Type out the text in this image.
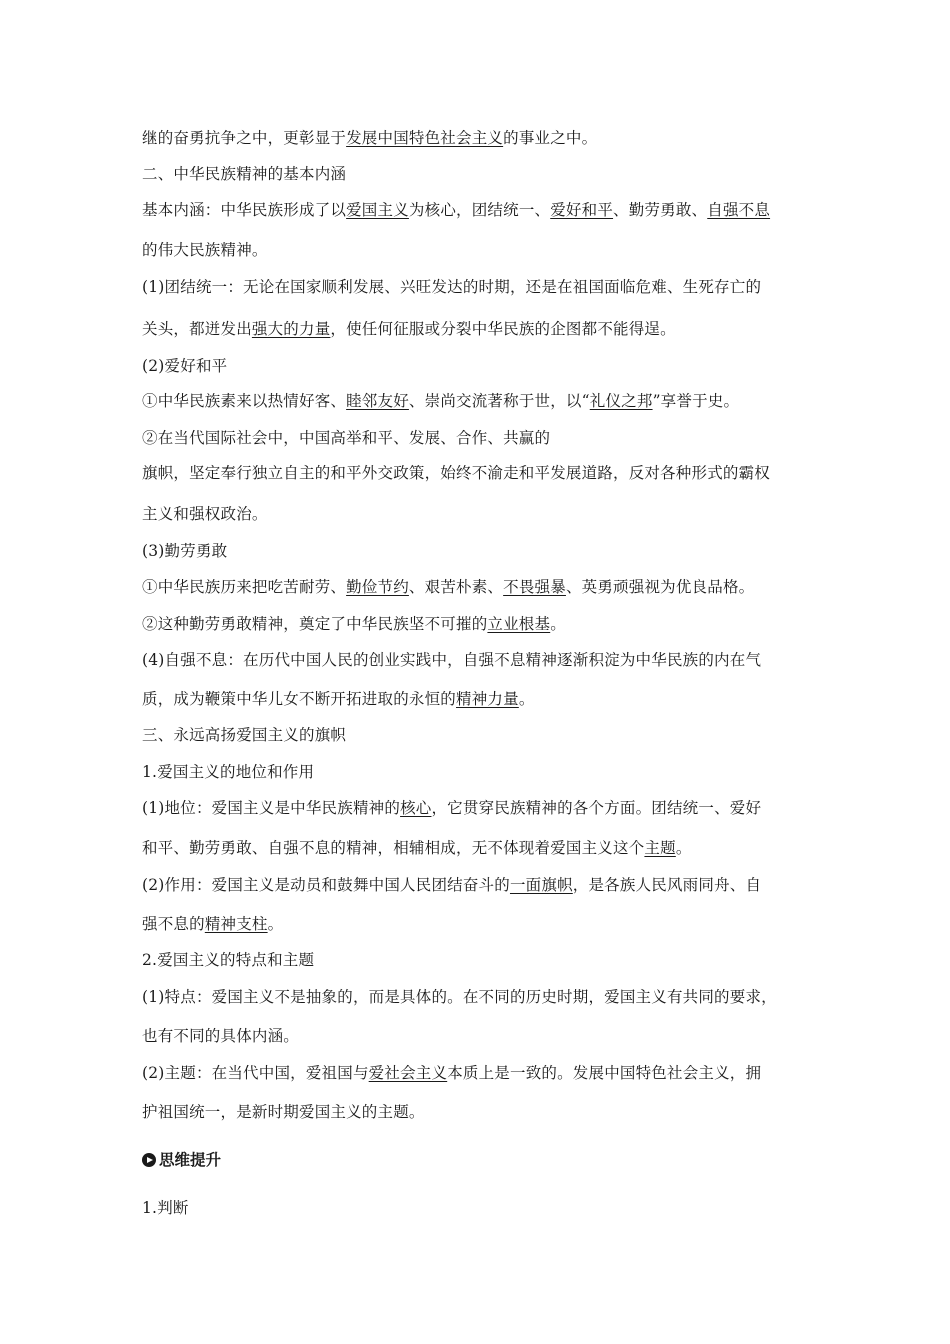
继的奋勇抗争之中，更彰显于发展中国特色社会主义的事业之中。
二、中华民族精神的基本内涵
基本内涵：中华民族形成了以爱国主义为核心，团结统一、爱好和平、勤劳勇敢、自强不息
的伟大民族精神。
(1)团结统一：无论在国家顺利发展、兴旺发达的时期，还是在祖国面临危难、生死存亡的
关头，都迸发出强大的力量，使任何征服或分裂中华民族的企图都不能得逞。
(2)爱好和平
①中华民族素来以热情好客、睦邻友好、崇尚交流著称于世，以“礼仪之邦”享誉于史。
②在当代国际社会中，中国高举和平、发展、合作、共赢的
旗帜，坚定奉行独立自主的和平外交政策，始终不渝走和平发展道路，反对各种形式的霸权
主义和强权政治。
(3)勤劳勇敢
①中华民族历来把吃苦耐劳、勤俭节约、艰苦朴素、不畏强暴、英勇顽强视为优良品格。
②这种勤劳勇敢精神，奠定了中华民族坚不可摧的立业根基。
(4)自强不息：在历代中国人民的创业实践中，自强不息精神逐渐积淀为中华民族的内在气
质，成为鞭策中华儿女不断开拓进取的永恒的精神力量。
三、永远高扬爱国主义的旗帜
1.爱国主义的地位和作用
(1)地位：爱国主义是中华民族精神的核心，它贯穿民族精神的各个方面。团结统一、爱好
和平、勤劳勇敢、自强不息的精神，相辅相成，无不体现着爱国主义这个主题。
(2)作用：爱国主义是动员和鼓舞中国人民团结奋斗的一面旗帜，是各族人民风雨同舟、自
强不息的精神支柱。
2.爱国主义的特点和主题
(1)特点：爱国主义不是抽象的，而是具体的。在不同的历史时期，爱国主义有共同的要求，
也有不同的具体内涵。
(2)主题：在当代中国，爱祖国与爱社会主义本质上是一致的。发展中国特色社会主义，拥
护祖国统一，是新时期爱国主义的主题。
思维提升
1.判断
